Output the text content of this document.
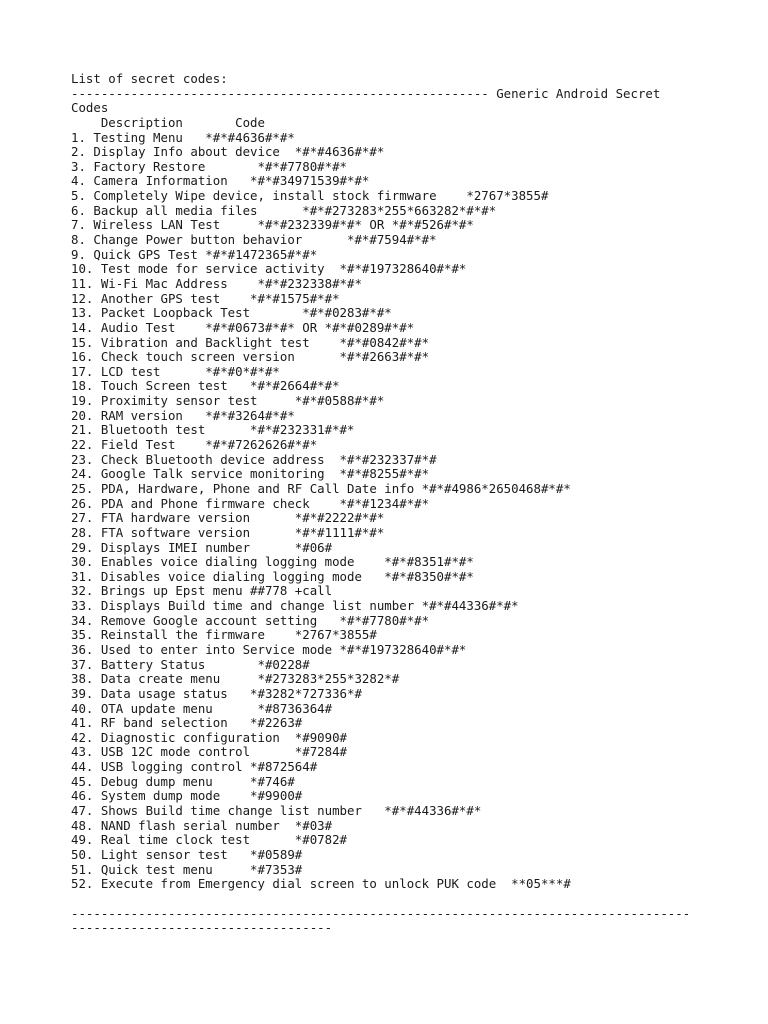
List of secret codes:
-------------------------------------------------------- Generic Android Secret
Codes
Description       Code
1. Testing Menu   *#*#4636#*#*
2. Display Info about device  *#*#4636#*#*
3. Factory Restore       *#*#7780#*#*
4. Camera Information   *#*#34971539#*#*
5. Completely Wipe device, install stock firmware    *2767*3855#
6. Backup all media files      *#*#273283*255*663282*#*#*
7. Wireless LAN Test     *#*#232339#*#* OR *#*#526#*#*
8. Change Power button behavior      *#*#7594#*#*
9. Quick GPS Test *#*#1472365#*#*
10. Test mode for service activity  *#*#197328640#*#*
11. Wi-Fi Mac Address    *#*#232338#*#*
12. Another GPS test    *#*#1575#*#*
13. Packet Loopback Test       *#*#0283#*#*
14. Audio Test    *#*#0673#*#* OR *#*#0289#*#*
15. Vibration and Backlight test    *#*#0842#*#*
16. Check touch screen version      *#*#2663#*#*
17. LCD test      *#*#0*#*#*
18. Touch Screen test   *#*#2664#*#*
19. Proximity sensor test     *#*#0588#*#*
20. RAM version   *#*#3264#*#*
21. Bluetooth test      *#*#232331#*#*
22. Field Test    *#*#7262626#*#*
23. Check Bluetooth device address  *#*#232337#*#
24. Google Talk service monitoring  *#*#8255#*#*
25. PDA, Hardware, Phone and RF Call Date info *#*#4986*2650468#*#*
26. PDA and Phone firmware check    *#*#1234#*#*
27. FTA hardware version      *#*#2222#*#*
28. FTA software version      *#*#1111#*#*
29. Displays IMEI number      *#06#
30. Enables voice dialing logging mode    *#*#8351#*#*
31. Disables voice dialing logging mode   *#*#8350#*#*
32. Brings up Epst menu ##778 +call
33. Displays Build time and change list number *#*#44336#*#*
34. Remove Google account setting   *#*#7780#*#*
35. Reinstall the firmware    *2767*3855#
36. Used to enter into Service mode *#*#197328640#*#*
37. Battery Status       *#0228#
38. Data create menu     *#273283*255*3282*#
39. Data usage status   *#3282*727336*#
40. OTA update menu      *#8736364#
41. RF band selection   *#2263#
42. Diagnostic configuration  *#9090#
43. USB 12C mode control      *#7284#
44. USB logging control *#872564#
45. Debug dump menu     *#746#
46. System dump mode    *#9900#
47. Shows Build time change list number   *#*#44336#*#*
48. NAND flash serial number  *#03#
49. Real time clock test      *#0782#
50. Light sensor test   *#0589#
51. Quick test menu     *#7353#
52. Execute from Emergency dial screen to unlock PUK code  **05***#
-----------------------------------------------------------------------------------
-----------------------------------
